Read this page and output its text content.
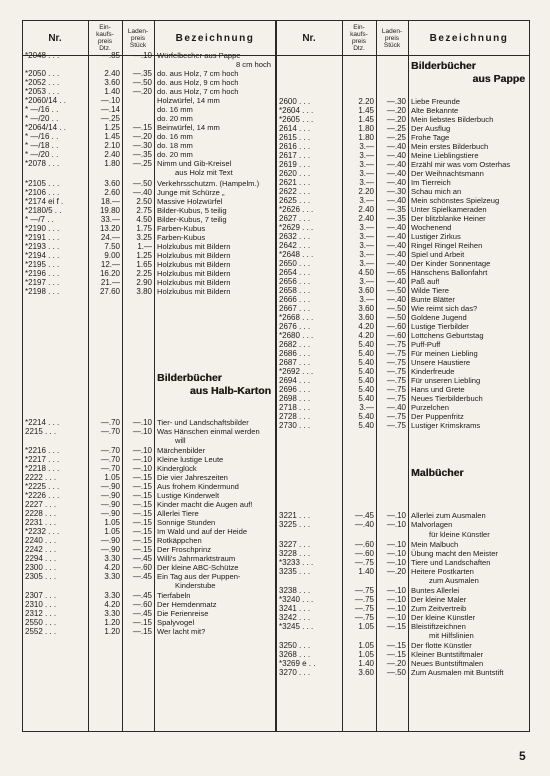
Nr.
Ein-
kaufs-
preis
Dtz.
Laden-
preis
Stück
Bezeichnung
Bilderbücher
aus Halb-Karton
*2048 . . .	—.85	—.10 Würfelbecher aus Pappe
8 cm hoch
*2050 . . .	2.40	—.35 do. aus Holz, 7 cm hoch
*2052 . . .	3.60	—.50 do. aus Holz, 9 cm hoch
*2053 . . .	1.40	—.20 do. aus Holz, 7 cm hoch
*2060/14 . .	—.10	Holzwürfel, 14 mm
* —/16 . .	—.14	do. 16 mm
* —/20 . .	—.25	do. 20 mm
*2064/14 . .	1.25	—.15 Beinwürfel, 14 mm
* —/16 . .	1.45	—.20 do. 16 mm
* —/18 . .	2.10	—.30 do. 18 mm
* —/20 . .	2.40	—.35 do. 20 mm
*2078 . . .	1.80	—.25 Nimm und Gib-Kreisel
aus Holz mit Text
*2105 . . .	3.60	—.50 Verkehrsschutzm. (Hampelm.)
*2106 . . .	2.60	—.40 Junge mit Schürze „
*2174 ei f .	18.—	2.50 Massive Holzwürfel
*2180/5 . .	19.80	2.75 Bilder-Kubus, 5 teilig
* —/7 . .	33.—	4.50 Bilder-Kubus, 7 teilig
*2190 . . .	13.20	1.75 Farben-Kubus
*2191 . . .	24.—	3.25 Farben-Kubus
*2193 . . .	7.50	1.— Holzkubus mit Bildern
*2194 . . .	9.00	1.25 Holzkubus mit Bildern
*2195 . . .	12.—	1.65 Holzkubus mit Bildern
*2196 . . .	16.20	2.25 Holzkubus mit Bildern
*2197 . . .	21.—	2.90 Holzkubus mit Bildern
*2198 . . .	27.60	3.80 Holzkubus mit Bildern
*2214 . . .	—.70	—.10 Tier- und Landschaftsbilder
2215 . . .	—.70	—.10 Was Hänschen einmal werden
will
*2216 . . .	—.70	—.10 Märchenbilder
*2217 . . .	—.70	—.10 Kleine lustige Leute
*2218 . . .	—.70	—.10 Kinderglück
2222 . . .	1.05	—.15 Die vier Jahreszeiten
*2225 . . .	—.90	—.15 Aus frohem Kindermund
*2226 . . .	—.90	—.15 Lustige Kinderwelt
2227 . . .	—.90	—.15 Kinder macht die Augen auf!
2228 . . .	—.90	—.15 Allerlei Tiere
2231 . . .	1.05	—.15 Sonnige Stunden
*2232 . . .	1.05	—.15 Im Wald und auf der Heide
2240 . . .	—.90	—.15 Rotkäppchen
2242 . . .	—.90	—.15 Der Froschprinz
2294 . . .	3.30	—.45 Willi's Jahrmarktstraum
2300 . . .	4.20	—.60 Der kleine ABC-Schütze
2305 . . .	3.30	—.45 Ein Tag aus der Puppen-
Kinderstube
2307 . . .	3.30	—.45 Tierfabeln
2310 . . .	4.20	—.60 Der Hemdenmatz
2312 . . .	3.30	—.45 Die Ferienreise
2550 . . .	1.20	—.15 Spalyvogel
2552 . . .	1.20	—.15 Wer lacht mit?
Nr.
Ein-
kaufs-
preis
Dtz.
Laden-
preis
Stück
Bezeichnung
Bilderbücher
aus Pappe
Malbücher
2600 . . .	2.20	—.30 Liebe Freunde
*2604 . . .	1.45	—.20 Alte Bekannte
*2605 . . .	1.45	—.20 Mein liebstes Bilderbuch
2614 . . .	1.80	—.25 Der Ausflug
2615 . . .	1.80	—.25 Frohe Tage
2616 . . .	3.—	—.40 Mein erstes Bilderbuch
2617 . . .	3.—	—.40 Meine Lieblingstiere
2619 . . .	3.—	—.40 Erzähl mir was vom Osterhas
2620 . . .	3.—	—.40 Der Weihnachtsmann
2621 . . .	3.—	—.40 Im Tierreich
2622 . . .	2.20	—.30 Schau mich an
2625 . . .	3.—	—.40 Mein schönstes Spielzeug
*2626 . . .	2.40	—.35 Unter Spielkameraden
2627 . . .	2.40	—.35 Der blitzblanke Heiner
*2629 . . .	3.—	—.40 Wochenend
2632 . . .	3.—	—.40 Lustiger Zirkus
2642 . . .	3.—	—.40 Ringel Ringel Reihen
*2648 . . .	3.—	—.40 Spiel und Arbeit
2650 . . .	3.—	—.40 Der Kinder Sonnentage
2654 . . .	4.50	—.65 Hänschens Ballonfahrt
2656 . . .	3.—	—.40 Paß auf!
2658 . . .	3.60	—.50 Wilde Tiere
2666 . . .	3.—	—.40 Bunte Blätter
2667 . . .	3.60	—.50 Wie reimt sich das?
*2668 . . .	3.60	—.50 Goldene Jugend
2676 . . .	4.20	—.60 Lustige Tierbilder
*2680 . . .	4.20	—.60 Lottchens Geburtstag
2682 . . .	5.40	—.75 Puff-Puff
2686 . . .	5.40	—.75 Für meinen Liebling
2687 . . .	5.40	—.75 Unsere Haustiere
*2692 . . .	5.40	—.75 Kinderfreude
2694 . . .	5.40	—.75 Für unseren Liebling
2696 . . .	5.40	—.75 Hans und Grete
2698 . . .	5.40	—.75 Neues Tierbilderbuch
2718 . . .	3.—	—.40 Purzelchen
2728 . . .	5.40	—.75 Der Puppenfritz
2730 . . .	5.40	—.75 Lustiger Krimskrams
3221 . . .	—.45	—.10 Allerlei zum Ausmalen
3225 . . .	—.40	—.10 Malvorlagen
für kleine Künstler
3227 . . .	—.60	—.10 Mein Malbuch
3228 . . .	—.60	—.10 Übung macht den Meister
*3233 . . .	—.75	—.10 Tiere und Landschaften
3235 . . .	1.40	—.20 Heitere Postkarten
zum Ausmalen
3238 . . .	—.75	—.10 Buntes Allerlei
*3240 . . .	—.75	—.10 Der kleine Maler
3241 . . .	—.75	—.10 Zum Zeitvertreib
3242 . . .	—.75	—.10 Der kleine Künstler
*3245 . . .	1.05	—.15 Bleistiftzeichnen
mit Hilfslinien
3250 . . .	1.05	—.15 Der flotte Künstler
3268 . . .	1.05	—.15 Kleiner Buntstiftmaler
*3269 e . .	1.40	—.20 Neues Buntstiftmalen
3270 . . .	3.60	—.50 Zum Ausmalen mit Buntstift
5
